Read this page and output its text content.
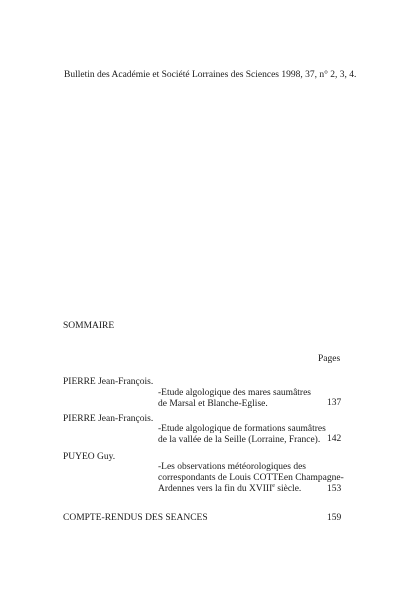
Bulletin des Académie et Société Lorraines des Sciences 1998, 37, n° 2, 3, 4.
SOMMAIRE
Pages
PIERRE Jean-François.
-Etude algologique des mares saumâtres
de Marsal et Blanche-Eglise.	137
PIERRE Jean-François.
-Etude algologique de formations saumâtres
de la vallée de la Seille (Lorraine, France). 142
PUYEO Guy.
-Les observations météorologiques des
correspondants de Louis COTTEen Champagne-
Ardennes vers la fin du XVIIIe siècle.	153
COMPTE-RENDUS DES SEANCES	159
